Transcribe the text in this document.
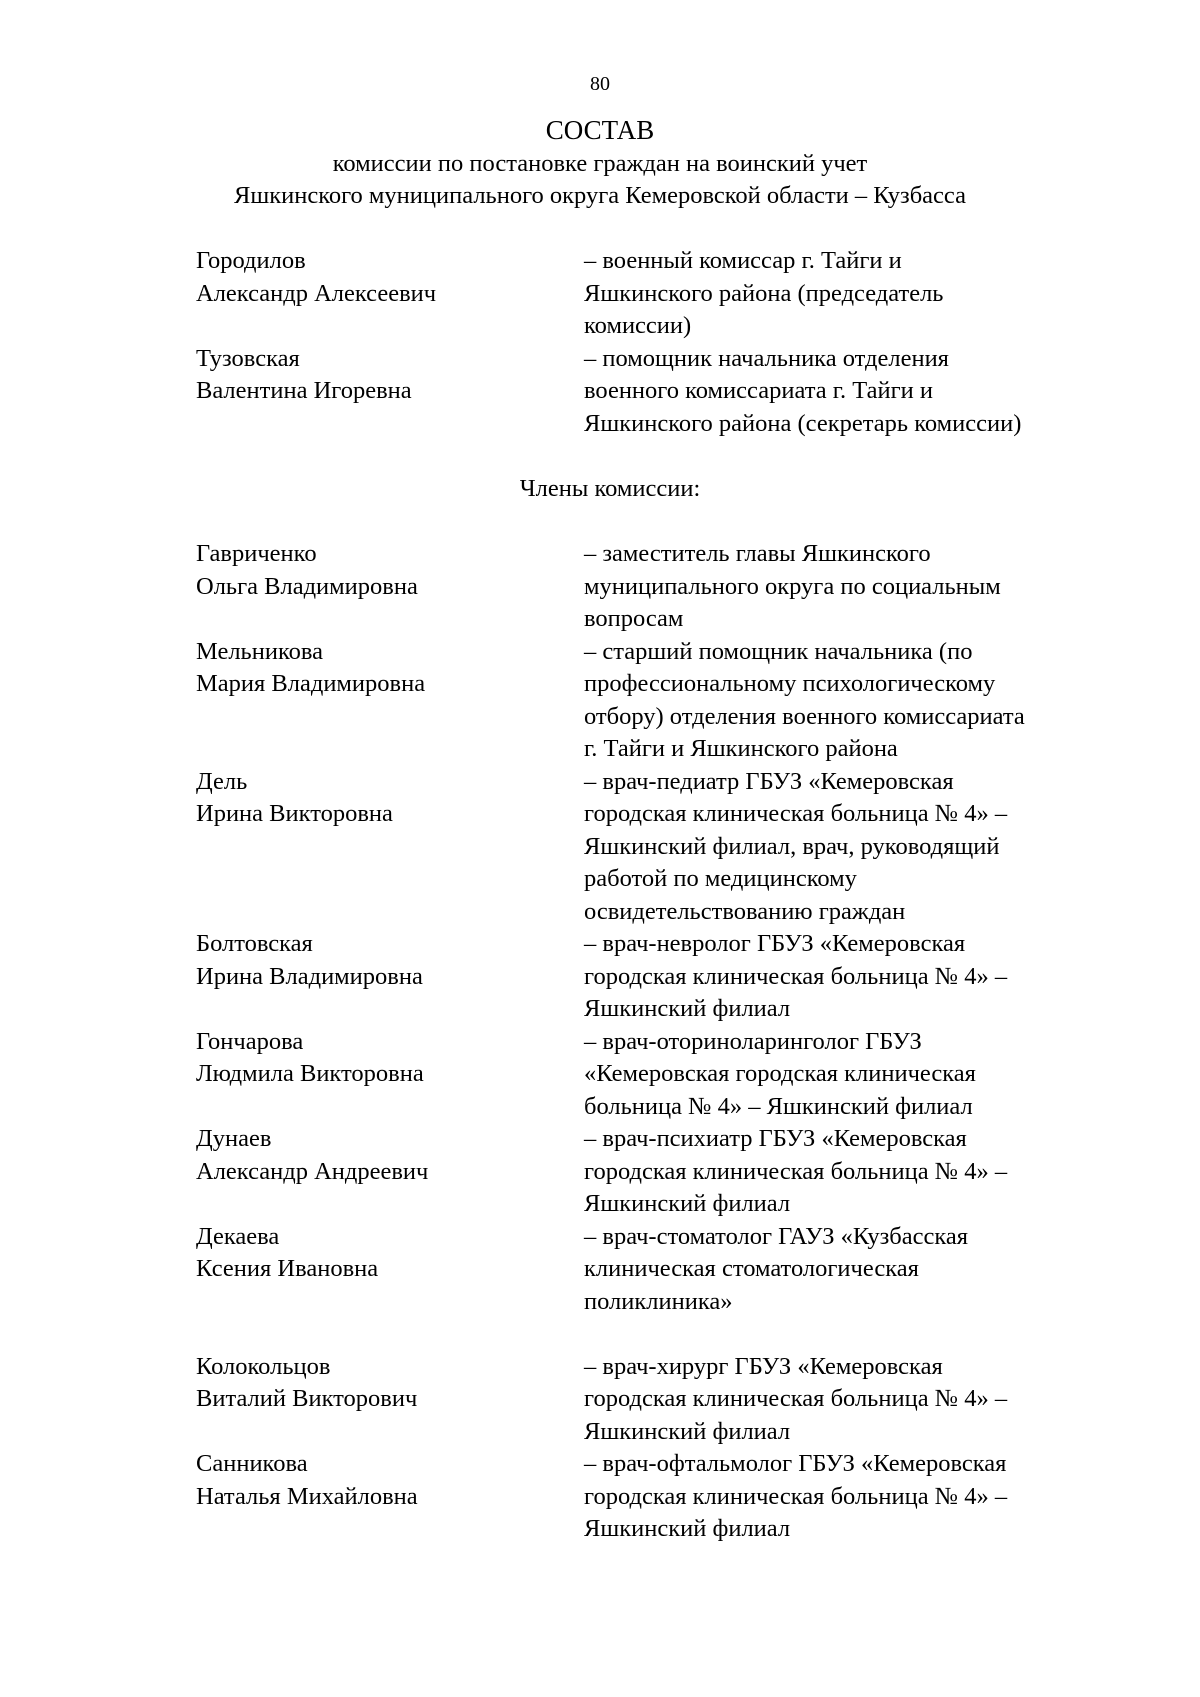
80
СОСТАВ
комиссии по постановке граждан на воинский учет
Яшкинского муниципального округа Кемеровской области – Кузбасса
Городилов
Александр Алексеевич
– военный комиссар г. Тайги и
Яшкинского района (председатель
комиссии)
Тузовская
Валентина Игоревна
– помощник начальника отделения
военного комиссариата г. Тайги и
Яшкинского района (секретарь комиссии)
Члены комиссии:
Гавриченко
Ольга Владимировна
– заместитель главы Яшкинского
муниципального округа по социальным
вопросам
Мельникова
Мария Владимировна
– старший помощник начальника (по
профессиональному психологическому
отбору) отделения военного комиссариата
г. Тайги и Яшкинского района
Дель
Ирина Викторовна
– врач-педиатр ГБУЗ «Кемеровская
городская клиническая больница № 4» –
Яшкинский филиал, врач, руководящий
работой по медицинскому
освидетельствованию граждан
Болтовская
Ирина Владимировна
– врач-невролог ГБУЗ «Кемеровская
городская клиническая больница № 4» –
Яшкинский филиал
Гончарова
Людмила Викторовна
– врач-оториноларинголог ГБУЗ
«Кемеровская городская клиническая
больница № 4» – Яшкинский филиал
Дунаев
Александр Андреевич
– врач-психиатр ГБУЗ «Кемеровская
городская клиническая больница № 4» –
Яшкинский филиал
Декаева
Ксения Ивановна
– врач-стоматолог ГАУЗ «Кузбасская
клиническая стоматологическая
поликлиника»
Колокольцов
Виталий Викторович
– врач-хирург ГБУЗ «Кемеровская
городская клиническая больница № 4» –
Яшкинский филиал
Санникова
Наталья Михайловна
– врач-офтальмолог ГБУЗ «Кемеровская
городская клиническая больница № 4» –
Яшкинский филиал
